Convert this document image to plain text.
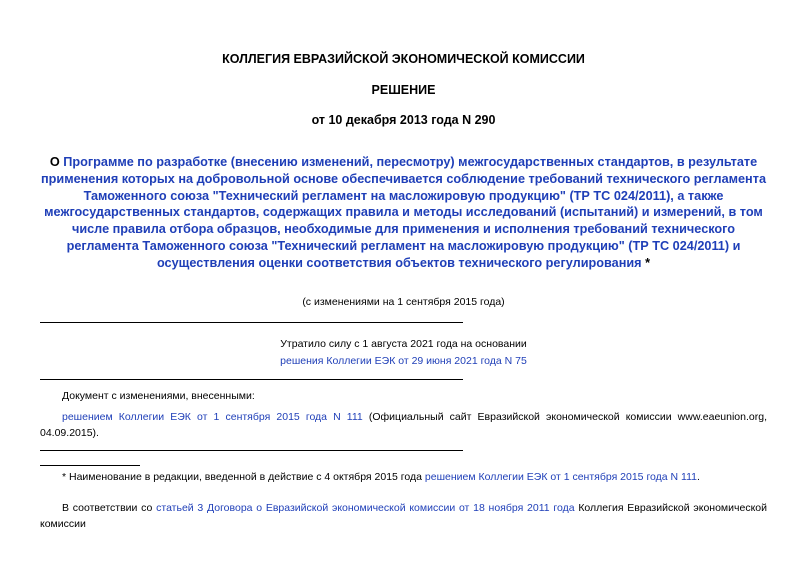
КОЛЛЕГИЯ ЕВРАЗИЙСКОЙ ЭКОНОМИЧЕСКОЙ КОМИССИИ
РЕШЕНИЕ
от 10 декабря 2013 года N 290
О Программе по разработке (внесению изменений, пересмотру) межгосударственных стандартов, в результате применения которых на добровольной основе обеспечивается соблюдение требований технического регламента Таможенного союза "Технический регламент на масложировую продукцию" (ТР ТС 024/2011), а также межгосударственных стандартов, содержащих правила и методы исследований (испытаний) и измерений, в том числе правила отбора образцов, необходимые для применения и исполнения требований технического регламента Таможенного союза "Технический регламент на масложировую продукцию" (ТР ТС 024/2011) и осуществления оценки соответствия объектов технического регулирования *
(с изменениями на 1 сентября 2015 года)
Утратило силу с 1 августа 2021 года на основании
решения Коллегии ЕЭК от 29 июня 2021 года N 75
Документ с изменениями, внесенными:
решением Коллегии ЕЭК от 1 сентября 2015 года N 111 (Официальный сайт Евразийской экономической комиссии www.eaeunion.org, 04.09.2015).
* Наименование в редакции, введенной в действие с 4 октября 2015 года решением Коллегии ЕЭК от 1 сентября 2015 года N 111.
В соответствии со статьей 3 Договора о Евразийской экономической комиссии от 18 ноября 2011 года Коллегия Евразийской экономической комиссии
